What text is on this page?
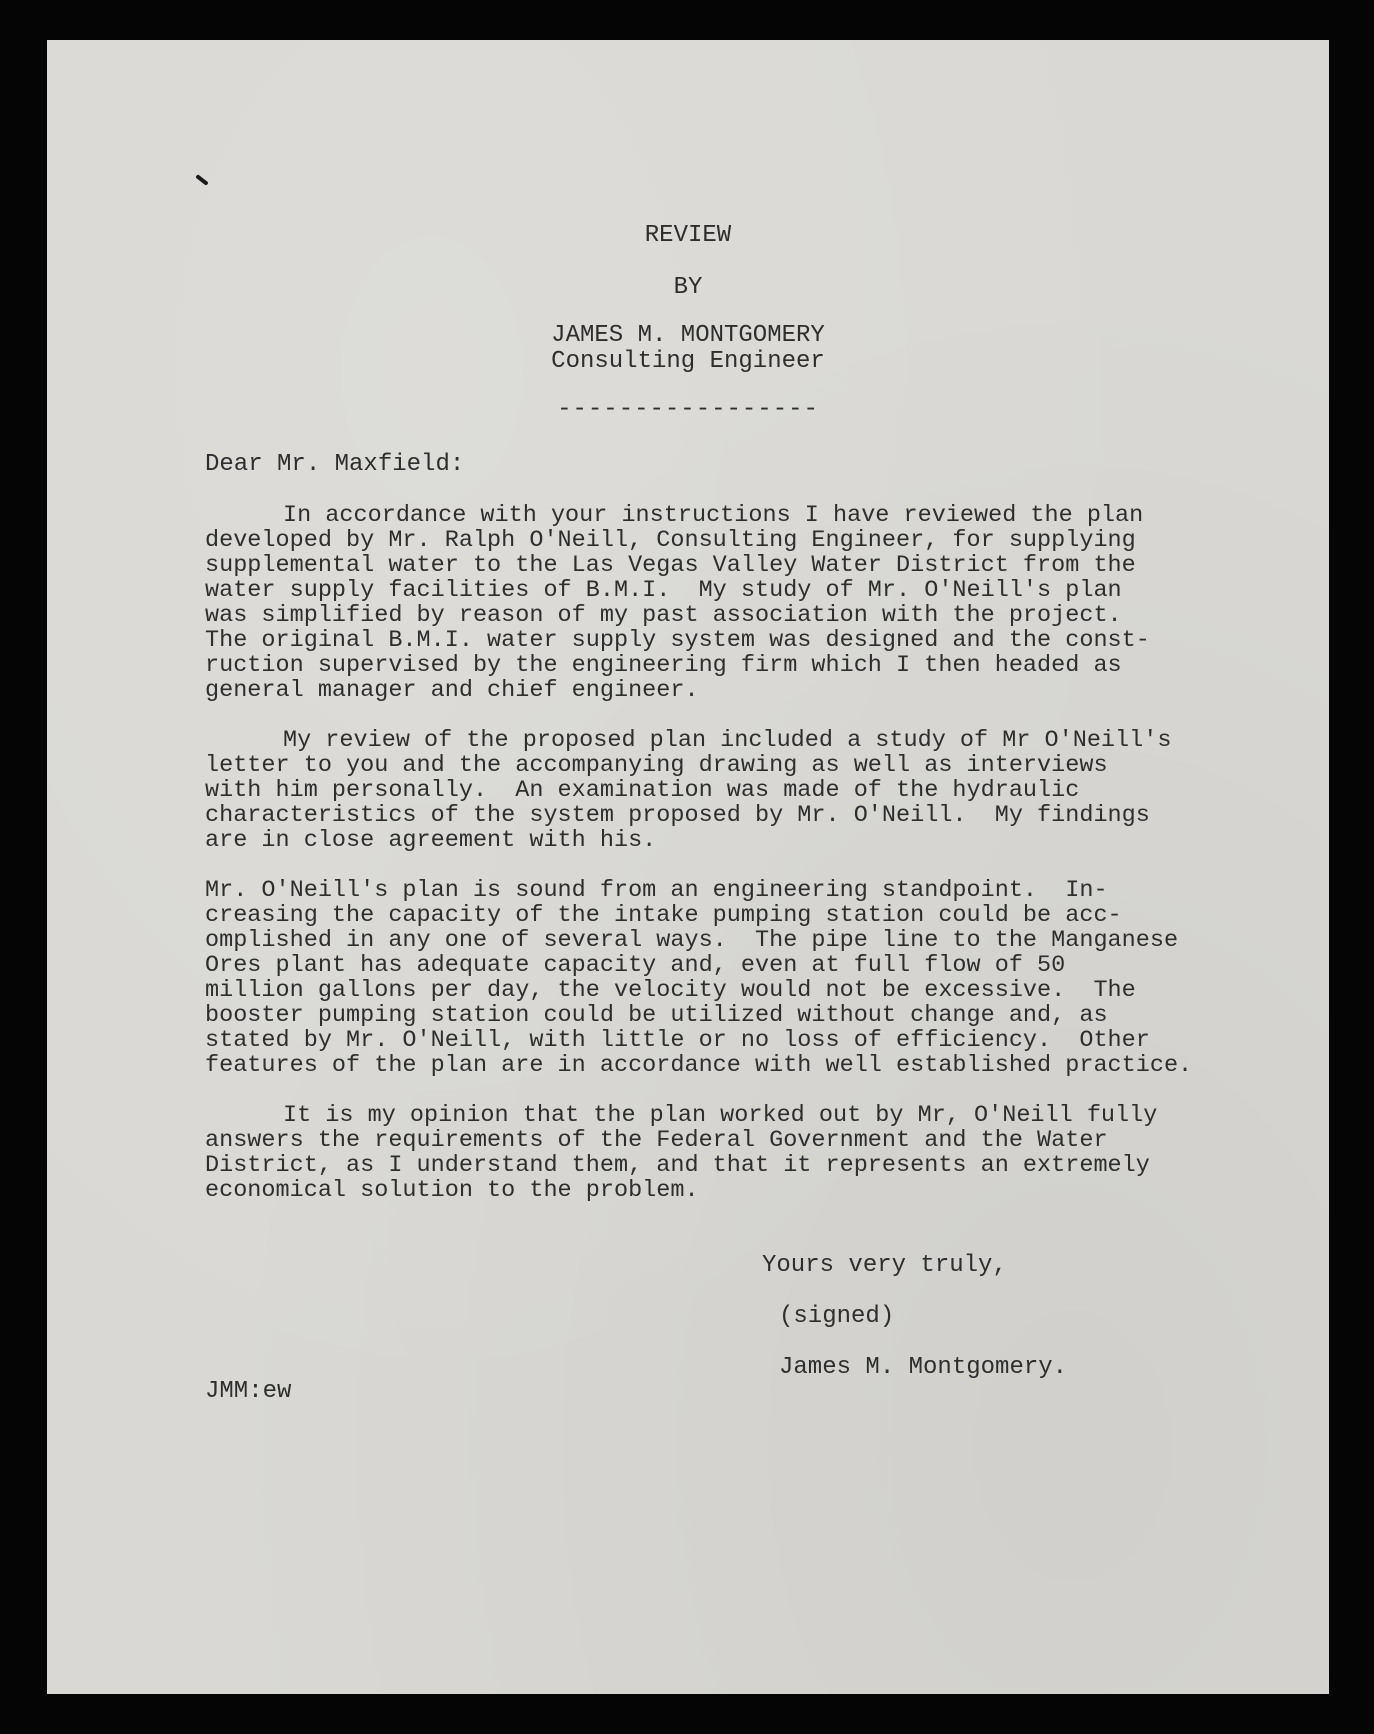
REVIEW

BY

JAMES M. MONTGOMERY

Consulting Engineer

-----------------

Dear Mr. Maxfield:

In accordance with your instructions I have reviewed the plan
developed by Mr. Ralph O'Neill, Consulting Engineer, for supplying
supplemental water to the Las Vegas Valley Water District from the
water supply facilities of B.M.I.  My study of Mr. O'Neill's plan
was simplified by reason of my past association with the project.
The original B.M.I. water supply system was designed and the const-
ruction supervised by the engineering firm which I then headed as
general manager and chief engineer.
My review of the proposed plan included a study of Mr O'Neill's
letter to you and the accompanying drawing as well as interviews
with him personally.  An examination was made of the hydraulic
characteristics of the system proposed by Mr. O'Neill.  My findings
are in close agreement with his.
Mr. O'Neill's plan is sound from an engineering standpoint.  In-
creasing the capacity of the intake pumping station could be acc-
omplished in any one of several ways.  The pipe line to the Manganese
Ores plant has adequate capacity and, even at full flow of 50
million gallons per day, the velocity would not be excessive.  The
booster pumping station could be utilized without change and, as
stated by Mr. O'Neill, with little or no loss of efficiency.  Other
features of the plan are in accordance with well established practice.
It is my opinion that the plan worked out by Mr, O'Neill fully
answers the requirements of the Federal Government and the Water
District, as I understand them, and that it represents an extremely
economical solution to the problem.

Yours very truly,

(signed)

James M. Montgomery.

JMM:ew
